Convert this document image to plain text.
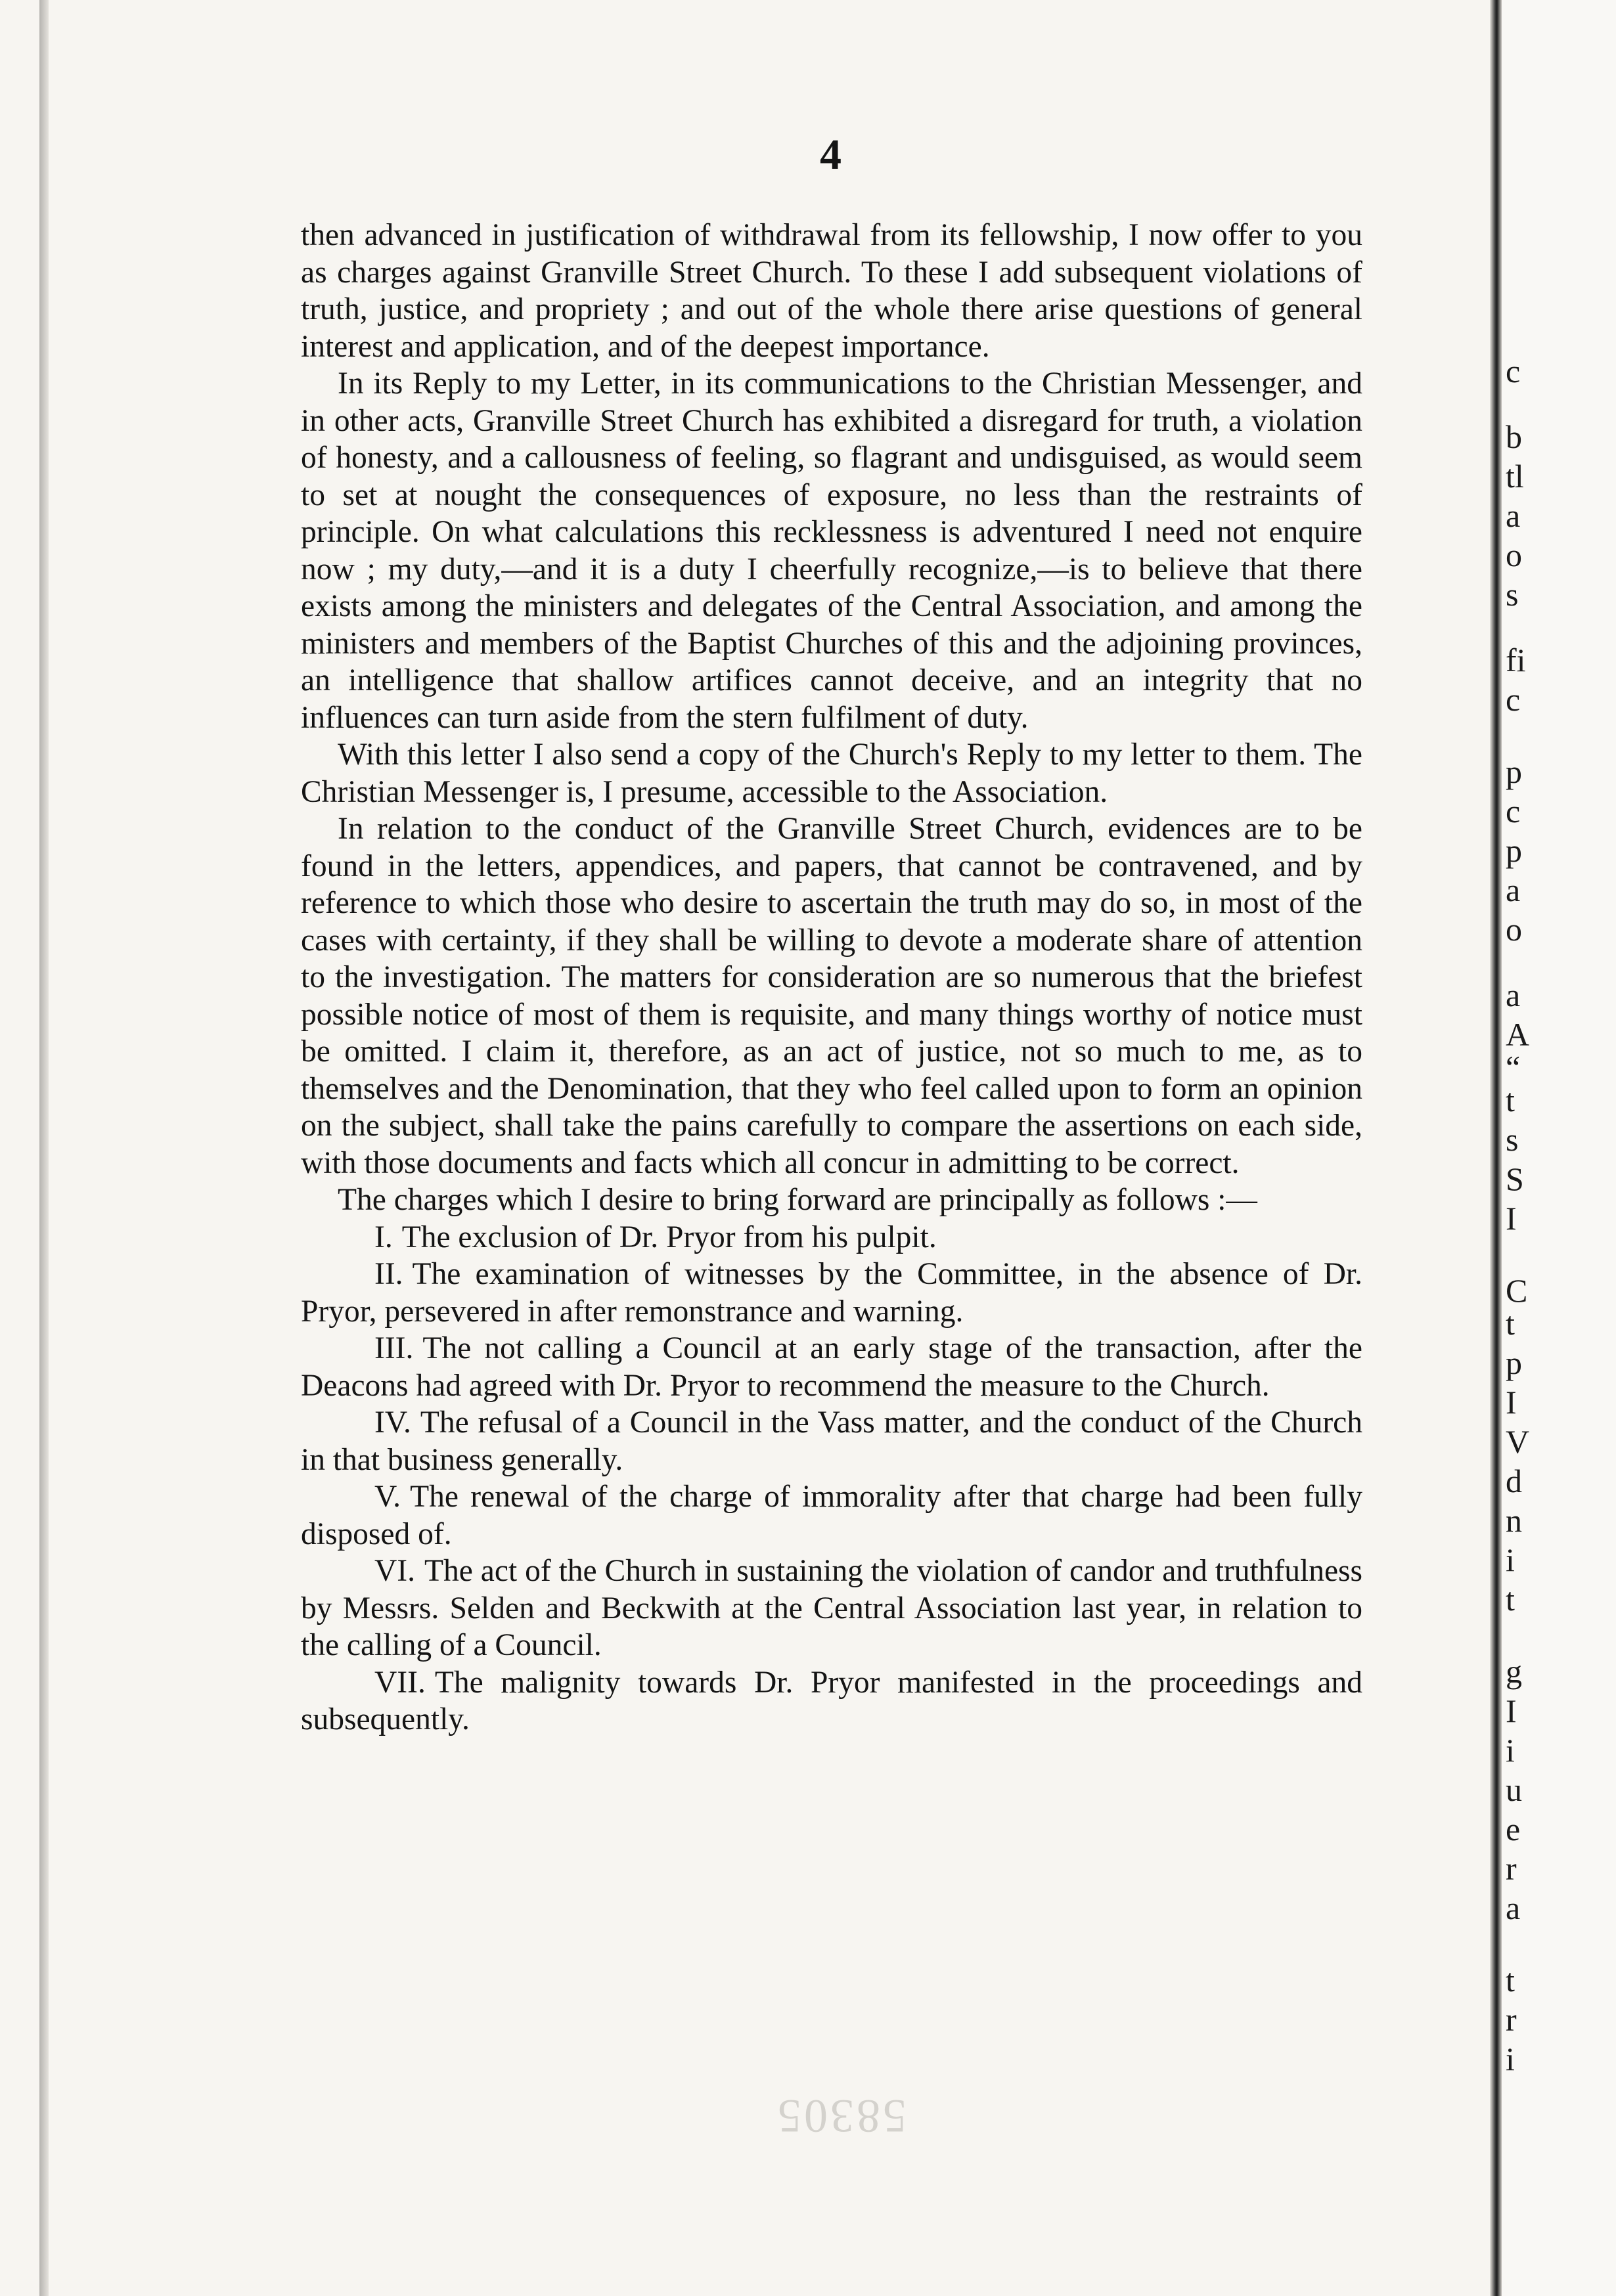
4

then advanced in justification of withdrawal from its fellowship, I now offer to you as charges against Granville Street Church. To these I add subsequent violations of truth, justice, and propriety ; and out of the whole there arise questions of general interest and application, and of the deepest importance.

In its Reply to my Letter, in its communications to the Christian Messenger, and in other acts, Granville Street Church has exhibited a disregard for truth, a violation of honesty, and a callousness of feeling, so flagrant and undisguised, as would seem to set at nought the consequences of exposure, no less than the restraints of principle. On what calculations this recklessness is adventured I need not enquire now ; my duty,—and it is a duty I cheerfully recognize,—is to believe that there exists among the ministers and delegates of the Central Association, and among the ministers and members of the Baptist Churches of this and the adjoining provinces, an intelligence that shallow artifices cannot deceive, and an integrity that no influences can turn aside from the stern fulfilment of duty.

With this letter I also send a copy of the Church's Reply to my letter to them. The Christian Messenger is, I presume, accessible to the Association.

In relation to the conduct of the Granville Street Church, evidences are to be found in the letters, appendices, and papers, that cannot be contravened, and by reference to which those who desire to ascertain the truth may do so, in most of the cases with certainty, if they shall be willing to devote a moderate share of attention to the investigation. The matters for consideration are so numerous that the briefest possible notice of most of them is requisite, and many things worthy of notice must be omitted. I claim it, therefore, as an act of justice, not so much to me, as to themselves and the Denomination, that they who feel called upon to form an opinion on the subject, shall take the pains carefully to compare the assertions on each side, with those documents and facts which all concur in admitting to be correct.

The charges which I desire to bring forward are principally as follows :—

I. The exclusion of Dr. Pryor from his pulpit.

II. The examination of witnesses by the Committee, in the absence of Dr. Pryor, persevered in after remonstrance and warning.

III. The not calling a Council at an early stage of the transaction, after the Deacons had agreed with Dr. Pryor to recommend the measure to the Church.

IV. The refusal of a Council in the Vass matter, and the conduct of the Church in that business generally.

V. The renewal of the charge of immorality after that charge had been fully disposed of.

VI. The act of the Church in sustaining the violation of candor and truthfulness by Messrs. Selden and Beckwith at the Central Association last year, in relation to the calling of a Council.

VII. The malignity towards Dr. Pryor manifested in the proceedings and subsequently.

58305
c
b
tl
a
o
s
fi
c
p
c
p
a
o
a
A
“
t
s
S
I
C
t
p
I
V
d
n
i
t
g
I
i
u
e
r
a
t
r
i
